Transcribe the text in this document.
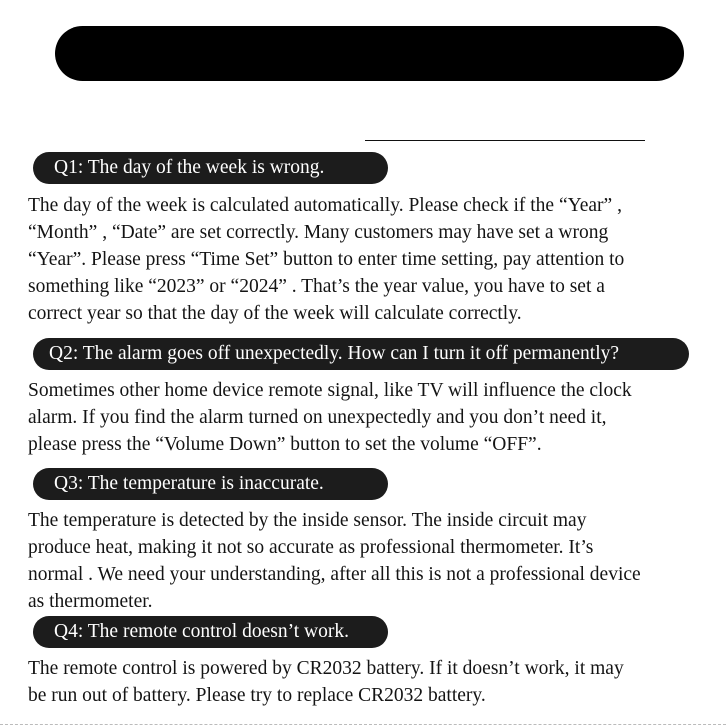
Q1: The day of the week is wrong.
The day of the week is calculated automatically. Please check if the “Year” ,
“Month” , “Date” are set correctly. Many customers may have set a wrong
“Year”. Please press “Time Set” button to enter time setting, pay attention to
something like “2023” or “2024” . That’s the year value, you have to set a
correct year so that the day of the week will calculate correctly.
Q2: The alarm goes off unexpectedly. How can I turn it off permanently?
Sometimes other home device remote signal, like TV will influence the clock
alarm. If you find the alarm turned on unexpectedly and you don’t need it,
please press the “Volume Down” button to set the volume “OFF”.
Q3: The temperature is inaccurate.
The temperature is detected by the inside sensor. The inside circuit may
produce heat, making it not so accurate as professional thermometer. It’s
normal . We need your understanding, after all this is not a professional device
as thermometer.
Q4: The remote control doesn’t work.
The remote control is powered by CR2032 battery. If it doesn’t work, it may
be run out of battery. Please try to replace CR2032 battery.
